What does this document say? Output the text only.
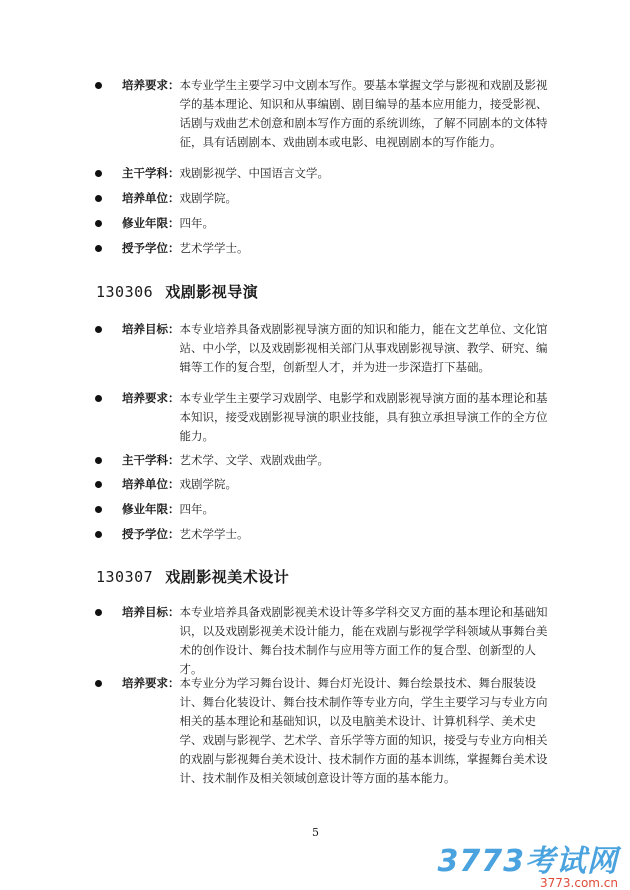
培养要求： 本专业学生主要学习中文剧本写作。要基本掌握文学与影视和戏剧及影视学的基本理论、知识和从事编剧、剧目编导的基本应用能力，接受影视、话剧与戏曲艺术创意和剧本写作方面的系统训练，了解不同剧本的文体特征，具有话剧剧本、戏曲剧本或电影、电视剧剧本的写作能力。
主干学科： 戏剧影视学、中国语言文学。
培养单位： 戏剧学院。
修业年限： 四年。
授予学位： 艺术学学士。
130306 戏剧影视导演
培养目标： 本专业培养具备戏剧影视导演方面的知识和能力，能在文艺单位、文化馆站、中小学，以及戏剧影视相关部门从事戏剧影视导演、教学、研究、编辑等工作的复合型，创新型人才，并为进一步深造打下基础。
培养要求： 本专业学生主要学习戏剧学、电影学和戏剧影视导演方面的基本理论和基本知识，接受戏剧影视导演的职业技能，具有独立承担导演工作的全方位能力。
主干学科： 艺术学、文学、戏剧戏曲学。
培养单位： 戏剧学院。
修业年限： 四年。
授予学位： 艺术学学士。
130307 戏剧影视美术设计
培养目标： 本专业培养具备戏剧影视美术设计等多学科交叉方面的基本理论和基础知识，以及戏剧影视美术设计能力，能在戏剧与影视学学科领域从事舞台美术的创作设计、舞台技术制作与应用等方面工作的复合型、创新型的人才。
培养要求： 本专业分为学习舞台设计、舞台灯光设计、舞台绘景技术、舞台服装设计、舞台化装设计、舞台技术制作等专业方向，学生主要学习与专业方向相关的基本理论和基础知识，以及电脑美术设计、计算机科学、美术史学、戏剧与影视学、艺术学、音乐学等方面的知识，接受与专业方向相关的戏剧与影视舞台美术设计、技术制作方面的基本训练，掌握舞台美术设计、技术制作及相关领域创意设计等方面的基本能力。
5
3773考试网
3773.com.cn
